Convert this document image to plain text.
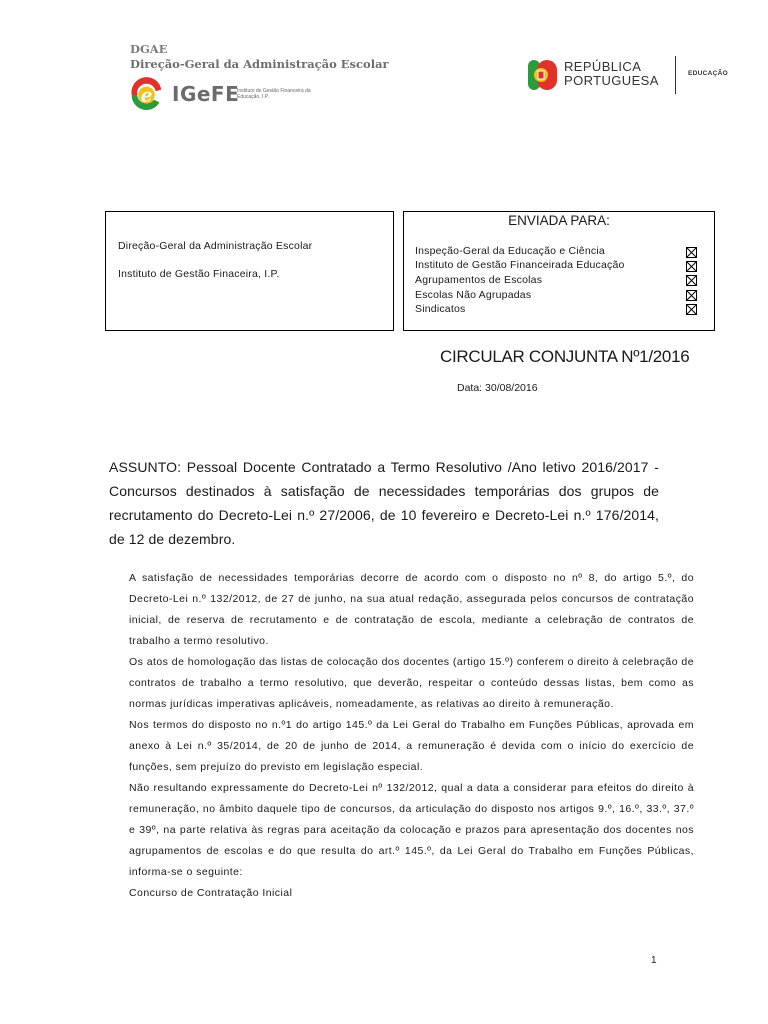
DGAE
Direção-Geral da Administração Escolar
e IGeFE
Instituto de Gestão Financeira da Educação, I.P.
REPÚBLICA
PORTUGUESA	EDUCAÇÃO
Direção-Geral da Administração Escolar
Instituto de Gestão Finaceira, I.P.
ENVIADA PARA:
Inspeção-Geral da Educação e Ciência
Instituto de Gestão Financeirada Educação
Agrupamentos de Escolas
Escolas Não Agrupadas
Sindicatos
CIRCULAR CONJUNTA Nº1/2016
Data: 30/08/2016
ASSUNTO: Pessoal Docente Contratado a Termo Resolutivo /Ano letivo 2016/2017 - Concursos destinados à satisfação de necessidades temporárias dos grupos de recrutamento do Decreto-Lei n.º 27/2006, de 10 fevereiro e Decreto-Lei n.º 176/2014, de 12 de dezembro.

A satisfação de necessidades temporárias decorre de acordo com o disposto no nº 8, do artigo 5.º, do Decreto-Lei n.º 132/2012, de 27 de junho, na sua atual redação, assegurada pelos concursos de contratação inicial, de reserva de recrutamento e de contratação de escola, mediante a celebração de contratos de trabalho a termo resolutivo.

Os atos de homologação das listas de colocação dos docentes (artigo 15.º) conferem o direito à celebração de contratos de trabalho a termo resolutivo, que deverão, respeitar o conteúdo dessas listas, bem como as normas jurídicas imperativas aplicáveis, nomeadamente, as relativas ao direito à remuneração.

Nos termos do disposto no n.º1 do artigo 145.º da Lei Geral do Trabalho em Funções Públicas, aprovada em anexo à Lei n.º 35/2014, de 20 de junho de 2014, a remuneração é devida com o início do exercício de funções, sem prejuízo do previsto em legislação especial.

Não resultando expressamente do Decreto-Lei nº 132/2012, qual a data a considerar para efeitos do direito à remuneração, no âmbito daquele tipo de concursos, da articulação do disposto nos artigos 9.º, 16.º, 33.º, 37.º e 39º, na parte relativa às regras para aceitação da colocação e prazos para apresentação dos docentes nos agrupamentos de escolas e do que resulta do art.º 145.º, da Lei Geral do Trabalho em Funções Públicas, informa-se o seguinte:

Concurso de Contratação Inicial

1
